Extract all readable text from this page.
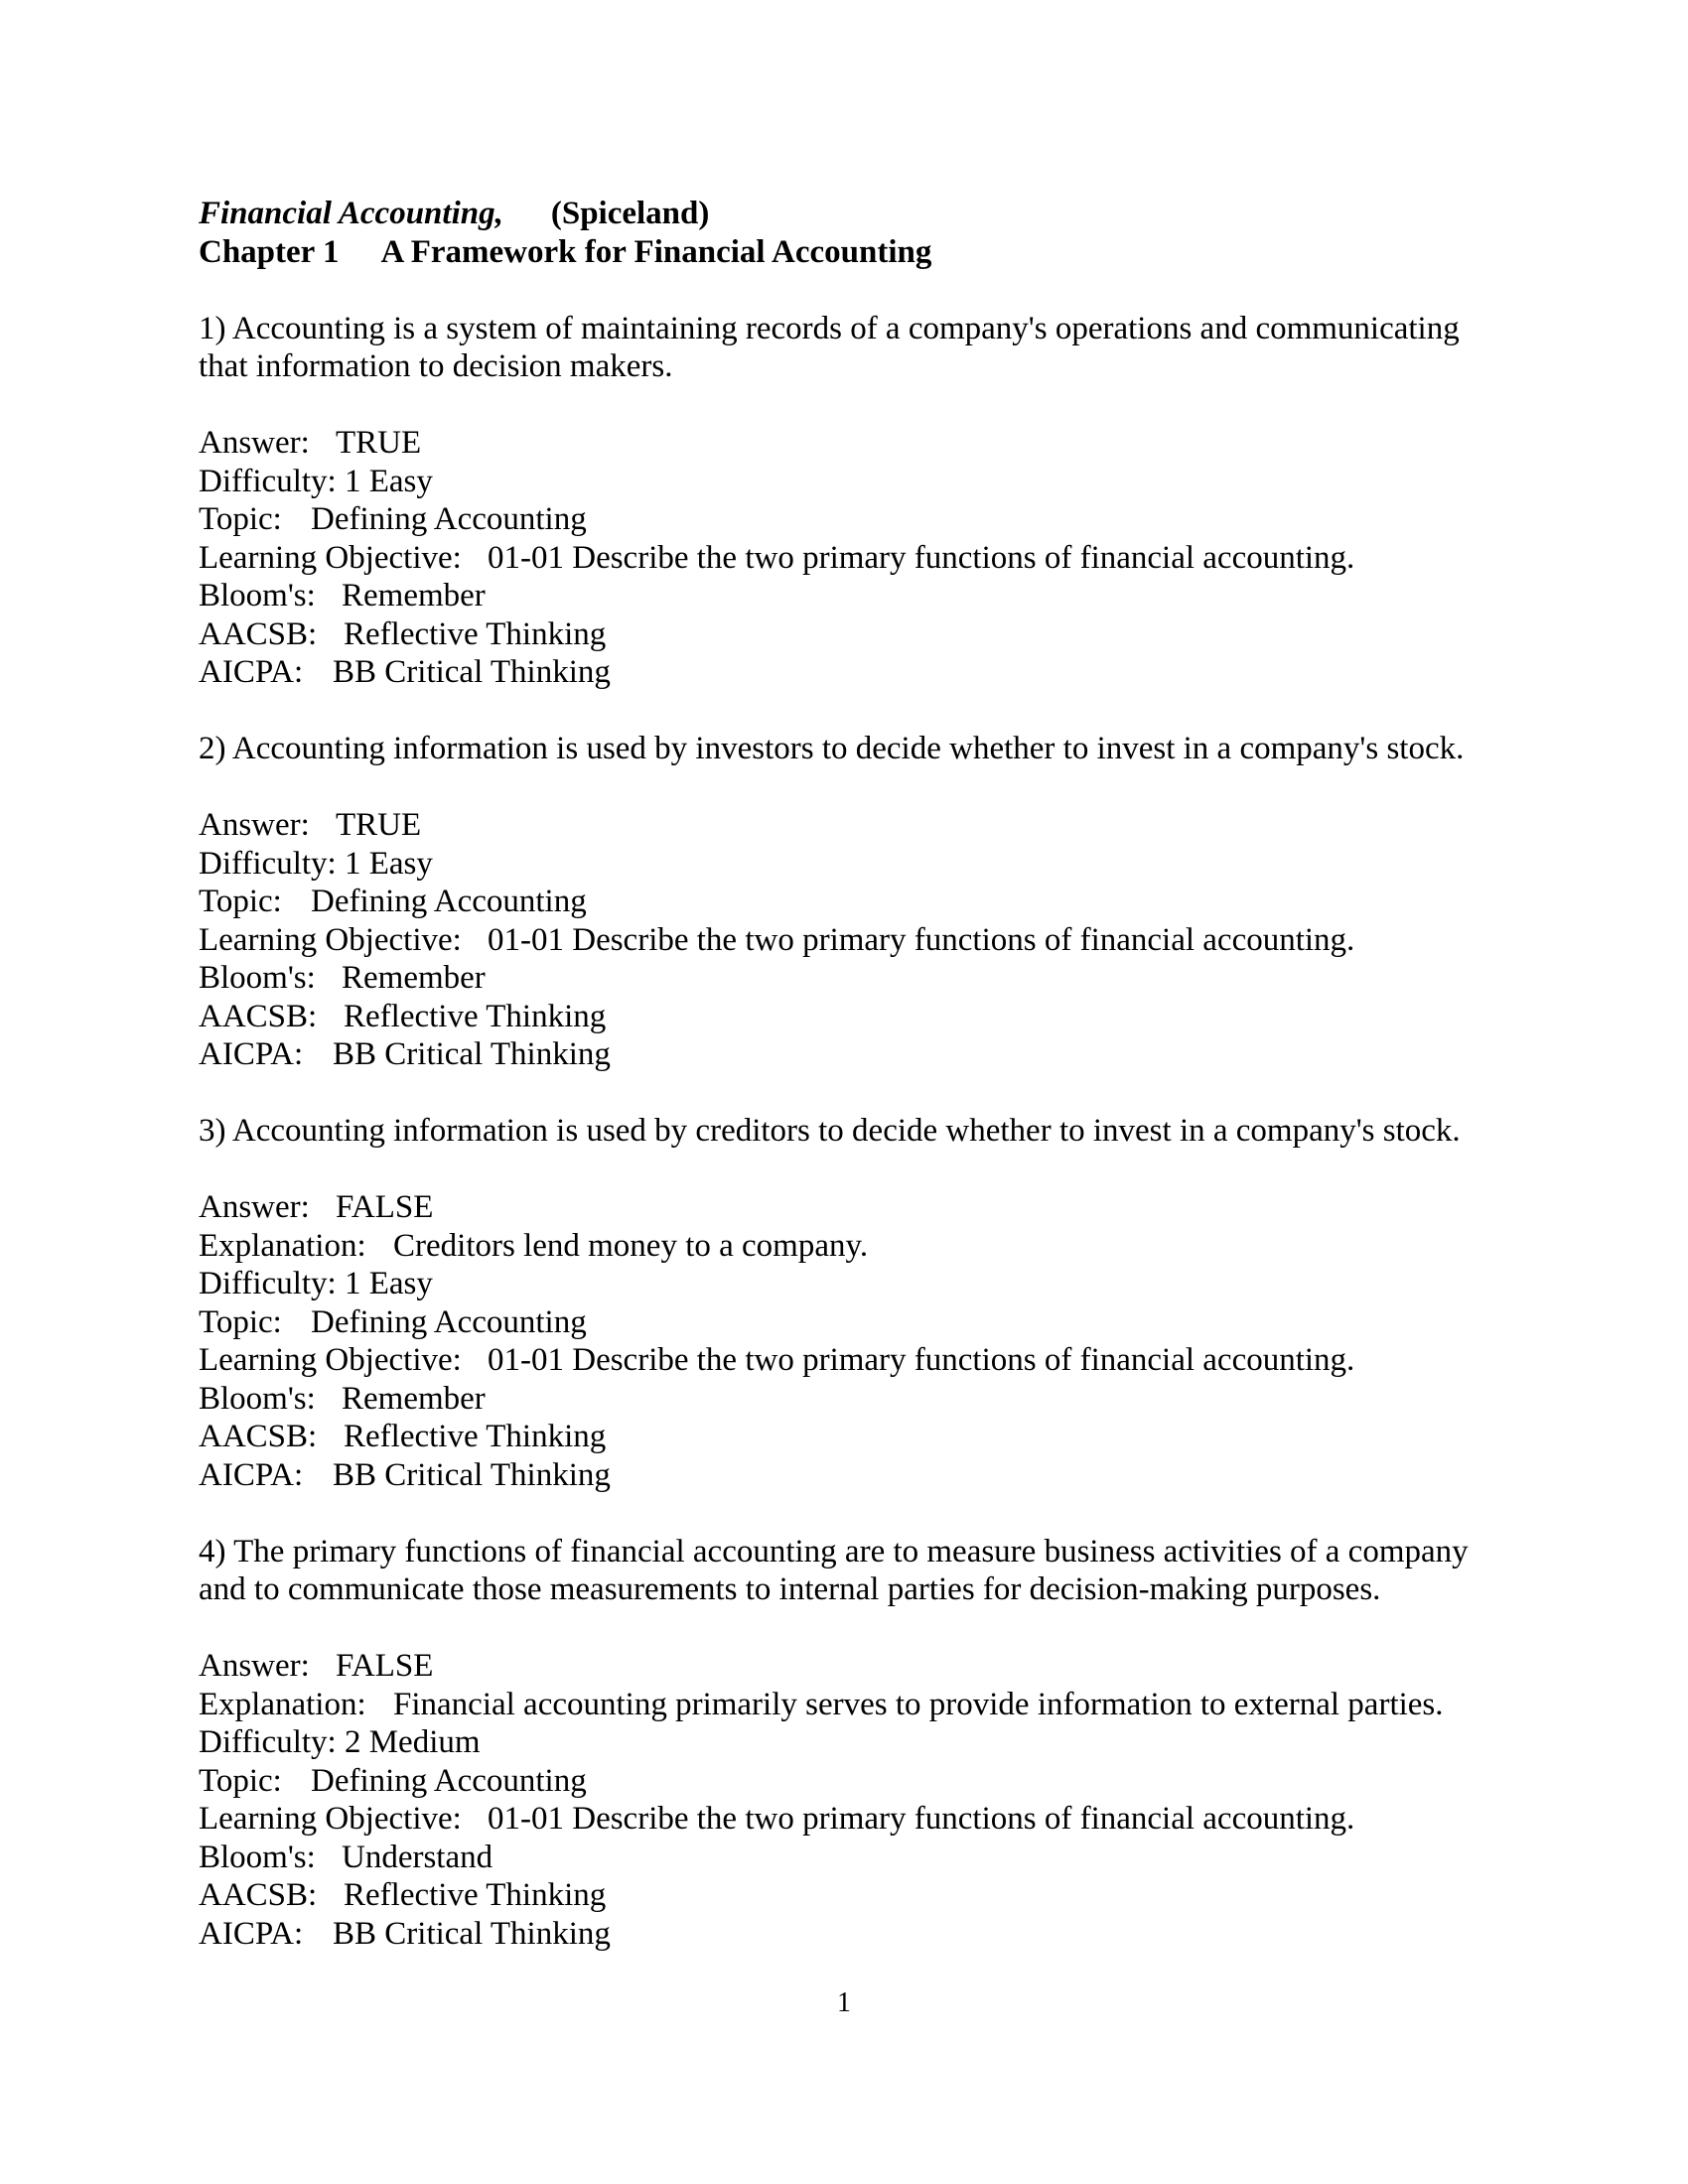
Financial Accounting, (Spiceland)
Chapter 1 A Framework for Financial Accounting
1) Accounting is a system of maintaining records of a company's operations and communicating
that information to decision makers.
Answer: TRUE
Difficulty: 1 Easy
Topic: Defining Accounting
Learning Objective: 01-01 Describe the two primary functions of financial accounting.
Bloom's: Remember
AACSB: Reflective Thinking
AICPA: BB Critical Thinking
2) Accounting information is used by investors to decide whether to invest in a company's stock.
Answer: TRUE
Difficulty: 1 Easy
Topic: Defining Accounting
Learning Objective: 01-01 Describe the two primary functions of financial accounting.
Bloom's: Remember
AACSB: Reflective Thinking
AICPA: BB Critical Thinking
3) Accounting information is used by creditors to decide whether to invest in a company's stock.
Answer: FALSE
Explanation: Creditors lend money to a company.
Difficulty: 1 Easy
Topic: Defining Accounting
Learning Objective: 01-01 Describe the two primary functions of financial accounting.
Bloom's: Remember
AACSB: Reflective Thinking
AICPA: BB Critical Thinking
4) The primary functions of financial accounting are to measure business activities of a company
and to communicate those measurements to internal parties for decision-making purposes.
Answer: FALSE
Explanation: Financial accounting primarily serves to provide information to external parties.
Difficulty: 2 Medium
Topic: Defining Accounting
Learning Objective: 01-01 Describe the two primary functions of financial accounting.
Bloom's: Understand
AACSB: Reflective Thinking
AICPA: BB Critical Thinking
1
